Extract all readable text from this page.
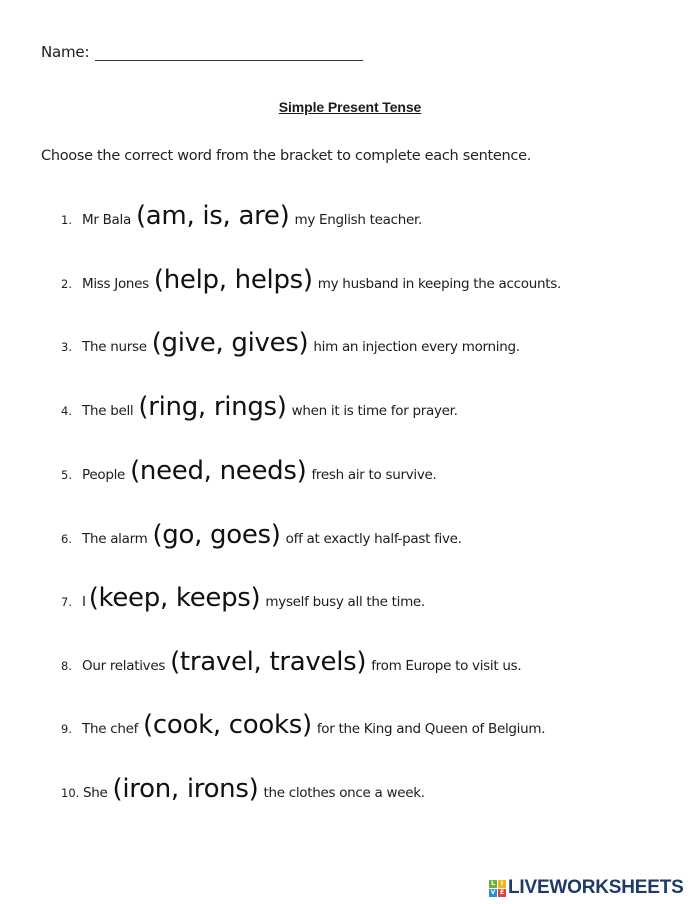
Name:
Simple Present Tense
Choose the correct word from the bracket to complete each sentence.
1. Mr Bala (am, is, are) my English teacher.
2. Miss Jones (help, helps) my husband in keeping the accounts.
3. The nurse (give, gives) him an injection every morning.
4. The bell (ring, rings) when it is time for prayer.
5. People (need, needs) fresh air to survive.
6. The alarm (go, goes) off at exactly half-past five.
7. I (keep, keeps) myself busy all the time.
8. Our relatives (travel, travels) from Europe to visit us.
9. The chef (cook, cooks) for the King and Queen of Belgium.
10. She (iron, irons) the clothes once a week.
L I
V E LIVEWORKSHEETS
